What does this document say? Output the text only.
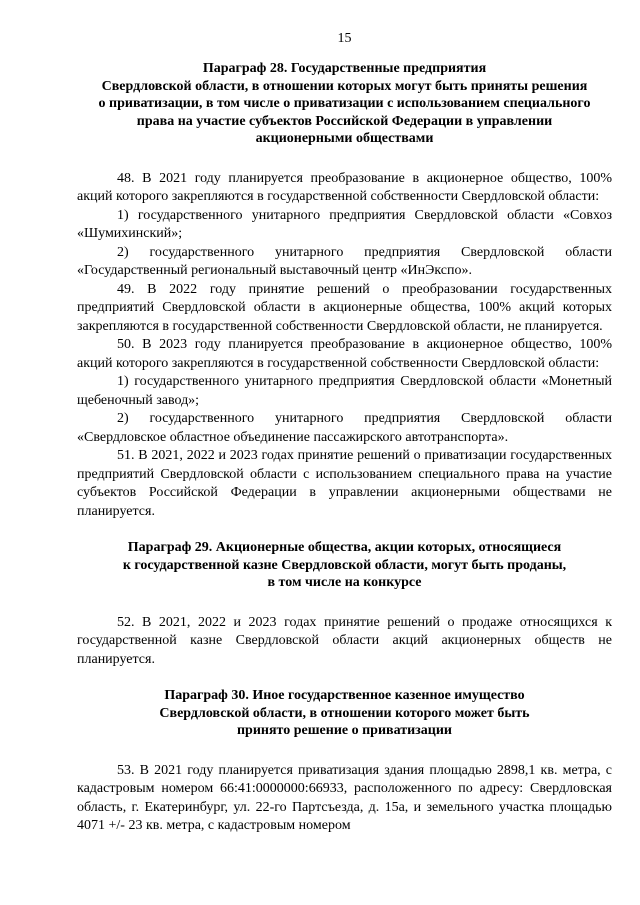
15
Параграф 28. Государственные предприятия
Свердловской области, в отношении которых могут быть приняты решения
о приватизации, в том числе о приватизации с использованием специального
права на участие субъектов Российской Федерации в управлении
акционерными обществами

48. В 2021 году планируется преобразование в акционерное общество, 100% акций которого закрепляются в государственной собственности Свердловской области:

1) государственного унитарного предприятия Свердловской области «Совхоз «Шумихинский»;

2) государственного унитарного предприятия Свердловской области «Государственный региональный выставочный центр «ИнЭкспо».

49. В 2022 году принятие решений о преобразовании государственных предприятий Свердловской области в акционерные общества, 100% акций которых закрепляются в государственной собственности Свердловской области, не планируется.

50. В 2023 году планируется преобразование в акционерное общество, 100% акций которого закрепляются в государственной собственности Свердловской области:

1) государственного унитарного предприятия Свердловской области «Монетный щебеночный завод»;

2) государственного унитарного предприятия Свердловской области «Свердловское областное объединение пассажирского автотранспорта».

51. В 2021, 2022 и 2023 годах принятие решений о приватизации государственных предприятий Свердловской области с использованием специального права на участие субъектов Российской Федерации в управлении акционерными обществами не планируется.

Параграф 29. Акционерные общества, акции которых, относящиеся
к государственной казне Свердловской области, могут быть проданы,
в том числе на конкурсе

52. В 2021, 2022 и 2023 годах принятие решений о продаже относящихся к государственной казне Свердловской области акций акционерных обществ не планируется.

Параграф 30. Иное государственное казенное имущество
Свердловской области, в отношении которого может быть
принято решение о приватизации

53. В 2021 году планируется приватизация здания площадью 2898,1 кв. метра, с кадастровым номером 66:41:0000000:66933, расположенного по адресу: Свердловская область, г. Екатеринбург, ул. 22-го Партсъезда, д. 15а, и земельного участка площадью 4071 +/- 23 кв. метра, с кадастровым номером
